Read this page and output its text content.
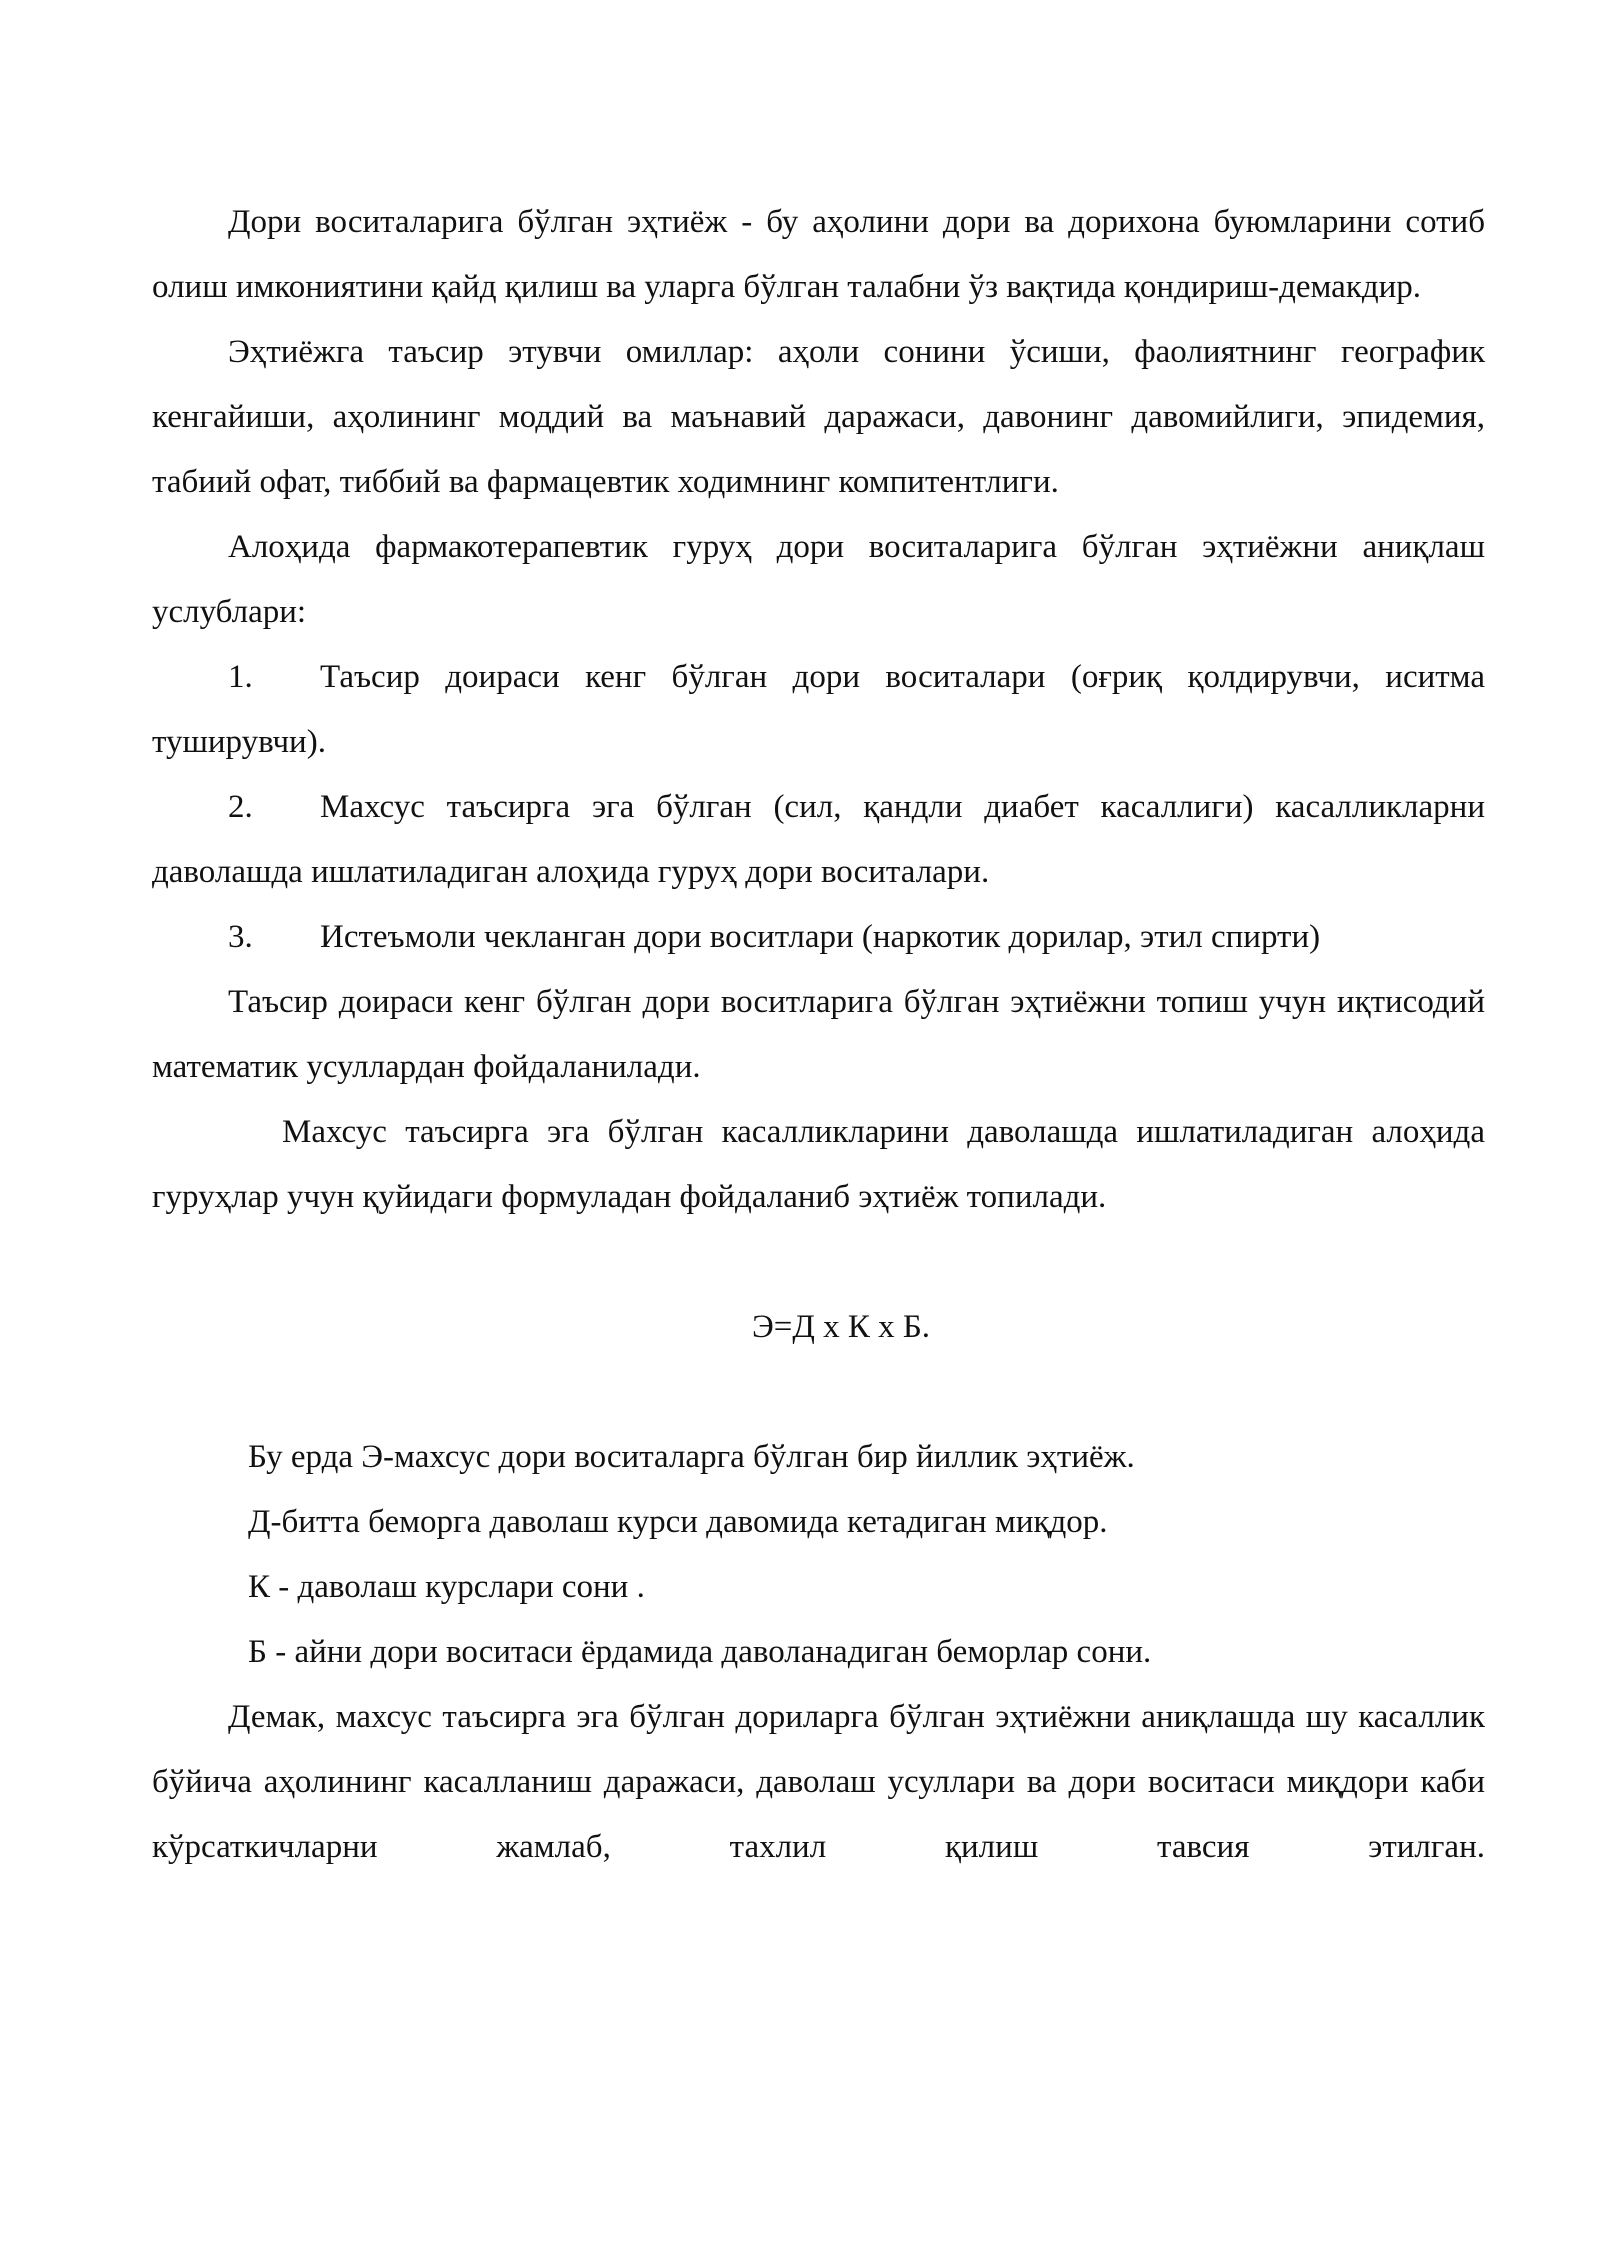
Дори воситаларига бўлган эҳтиёж - бу аҳолини дори ва дорихона буюмларини сотиб олиш имкониятини қайд қилиш ва уларга бўлган талабни ўз вақтида қондириш-демакдир.

Эҳтиёжга таъсир этувчи омиллар: аҳоли сонини ўсиши, фаолиятнинг географик кенгайиши, аҳолининг моддий ва маънавий даражаси, давонинг давомийлиги, эпидемия, табиий офат, тиббий ва фармацевтик ходимнинг компитентлиги.

Алоҳида фармакотерапевтик гуруҳ дори воситаларига бўлган эҳтиёжни аниқлаш услублари:

1. Таъсир доираси кенг бўлган дори воситалари (оғриқ қолдирувчи, иситма туширувчи).

2. Махсус таъсирга эга бўлган (сил, қандли диабет касаллиги) касалликларни даволашда ишлатиладиган алоҳида гуруҳ дори воситалари.

3. Истеъмоли чекланган дори воситлари (наркотик дорилар, этил спирти)

Таъсир доираси кенг бўлган дори воситларига бўлган эҳтиёжни топиш учун иқтисодий математик усуллардан фойдаланилади.

Махсус таъсирга эга бўлган касалликларини даволашда ишлатиладиган алоҳида гуруҳлар учун қуйидаги формуладан фойдаланиб эҳтиёж топилади.

Э=Д х К х Б.

Бу ерда Э-махсус дори воситаларга бўлган бир йиллик эҳтиёж.

Д-битта беморга даволаш курси давомида кетадиган миқдор.

К - даволаш курслари сони .

Б - айни дори воситаси ёрдамида даволанадиган беморлар сони.

Демак, махсус таъсирга эга бўлган дориларга бўлган эҳтиёжни аниқлашда шу касаллик бўйича аҳолининг касалланиш даражаси, даволаш усуллари ва дори воситаси миқдори каби кўрсаткичларни жамлаб, тахлил қилиш тавсия этилган.
